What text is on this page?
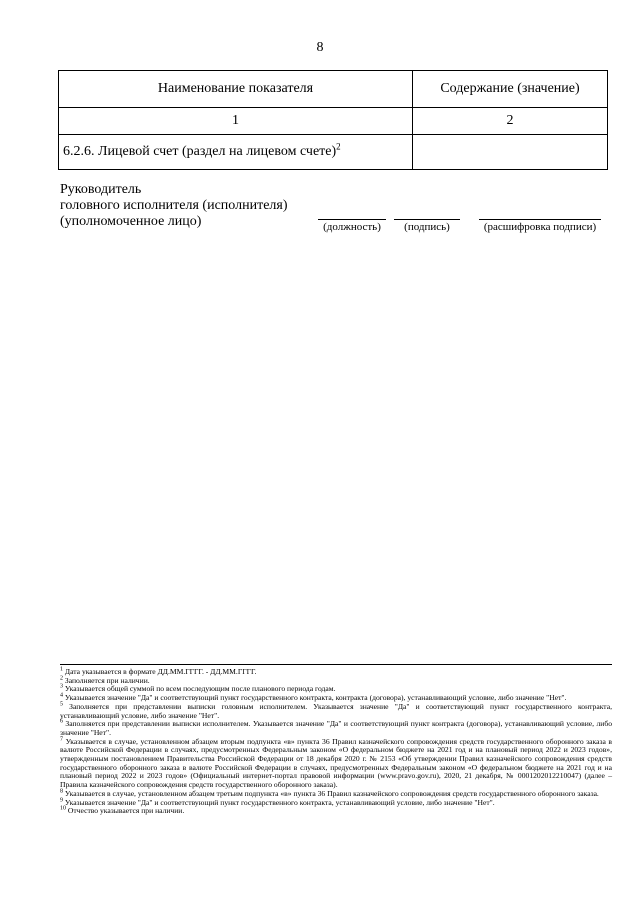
8
Наименование показателя	Содержание (значение)
1	2
6.2.6. Лицевой счет (раздел на лицевом счете)$^2$	
Руководитель
головного исполнителя (исполнителя)
(уполномоченное лицо)	(должность)	(подпись)	(расшифровка подписи)

$^1$ Дата указывается в формате ДД.ММ.ГГГГ. - ДД.ММ.ГГГГ.

$^2$ Заполняется при наличии.

$^3$ Указывается общей суммой по всем последующим после планового периода годам.

$^4$ Указывается значение "Да" и соответствующий пункт государственного контракта, контракта (договора), устанавливающий условие, либо значение "Нет".

$^5$ Заполняется при представлении выписки головным исполнителем. Указывается значение "Да" и соответствующий пункт государственного контракта, устанавливающий условие, либо значение "Нет".

$^6$ Заполняется при представлении выписки исполнителем. Указывается значение "Да" и соответствующий пункт контракта (договора), устанавливающий условие, либо значение "Нет".

$^7$ Указывается в случае, установленном абзацем вторым подпункта «в» пункта 36 Правил казначейского сопровождения средств государственного оборонного заказа в валюте Российской Федерации в случаях, предусмотренных Федеральным законом «О федеральном бюджете на 2021 год и на плановый период 2022 и 2023 годов», утвержденным постановлением Правительства Российской Федерации от 18 декабря 2020 г. № 2153 «Об утверждении Правил казначейского сопровождения средств государственного оборонного заказа в валюте Российской Федерации в случаях, предусмотренных Федеральным законом «О федеральном бюджете на 2021 год и на плановый период 2022 и 2023 годов» (Официальный интернет-портал правовой информации (www.pravo.gov.ru), 2020, 21 декабря, № 0001202012210047) (далее – Правила казначейского сопровождения средств государственного оборонного заказа).

$^8$ Указывается в случае, установленном абзацем третьим подпункта «в» пункта 36 Правил казначейского сопровождения средств государственного оборонного заказа.

$^9$ Указывается значение "Да" и соответствующий пункт государственного контракта, устанавливающий условие, либо значение "Нет".

$^{10}$ Отчество указывается при наличии.
